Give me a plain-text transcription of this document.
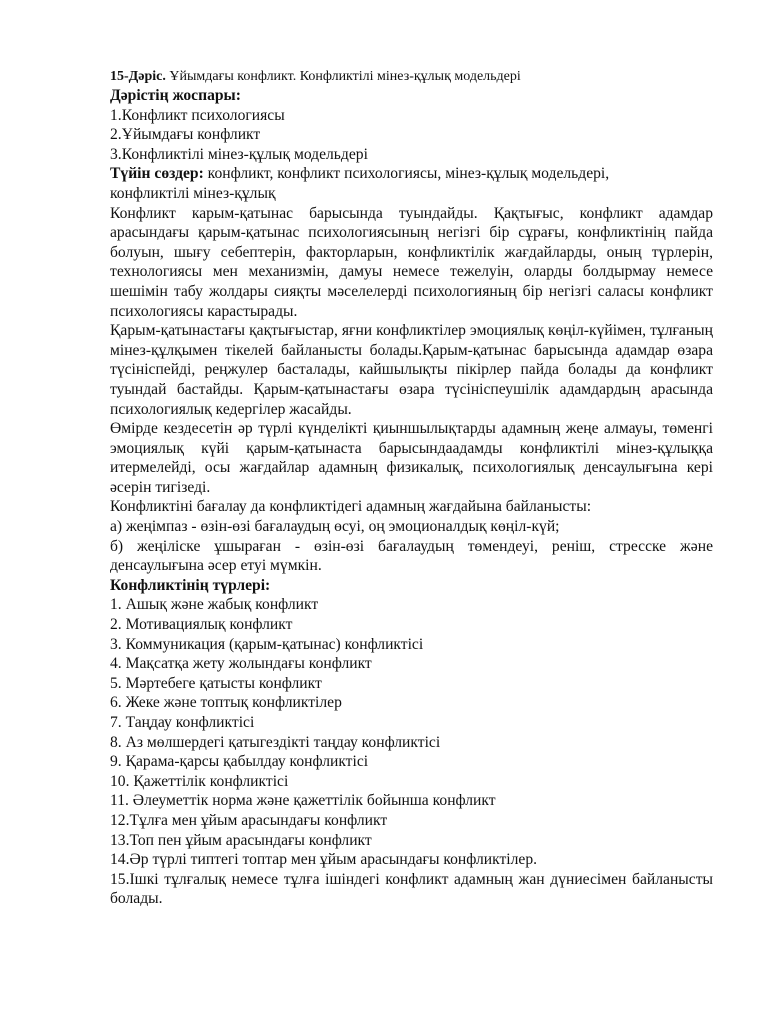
15-Дәріс. Ұйымдағы конфликт. Конфликтілі мінез-құлық модельдері

Дәрістің жоспары:
1.Конфликт психологиясы
2.Ұйымдағы конфликт
3.Конфликтілі мінез-құлық модельдері
Түйін сөздер: конфликт, конфликт психологиясы, мінез-құлық модельдері,
конфликтілі мінез-құлық

Конфликт карым-қатынас барысында туындайды. Қақтығыс, конфликт адамдар арасындағы қарым-қатынас психологиясының негізгі бір сұрағы, конфликтінің пайда болуын, шығу себептерін, факторларын, конфликтілік жағдайларды, оның түрлерін, технологиясы мен механизмін, дамуы немесе тежелуін, оларды болдырмау немесе шешімін табу жолдары сияқты мәселелерді психологияның бір негізгі саласы конфликт психологиясы карастырады.

Қарым-қатынастағы қақтығыстар, яғни конфликтілер эмоциялық көңіл-күйімен, тұлғаның мінез-құлқымен тікелей байланысты болады.Қарым-қатынас барысында адамдар өзара түсініспейді, реңжулер басталады, кайшылықты пікірлер пайда болады да конфликт туындай бастайды. Қарым-қатынастағы өзара түсініспеушілік адамдардың арасында психологиялық кедергілер жасайды.

Өмірде кездесетін әр түрлі күнделікті қиыншылықтарды адамның жеңе алмауы, төменгі эмоциялық күйі қарым-қатынаста барысындаадамды конфликтілі мінез-құлыққа итермелейді, осы жағдайлар адамның физикалық, психологиялық денсаулығына кері әсерін тигізеді.

Конфликтіні бағалау да конфликтідегі адамның жағдайына байланысты:
а) жеңімпаз - өзін-өзі бағалаудың өсуі, оң эмоционалдық көңіл-күй;

б) жеңіліске ұшыраған - өзін-өзі бағалаудың төмендеуі, реніш, стресске және денсаулығына әсер етуі мүмкін.

Конфликтінің түрлері:
1. Ашық және жабық конфликт
2. Мотивациялық конфликт
3. Коммуникация (қарым-қатынас) конфликтісі
4. Мақсатқа жету жолындағы конфликт
5. Мәртебеге қатысты конфликт
6. Жеке және топтық конфликтілер
7. Таңдау конфликтісі
8. Аз мөлшердегі қатыгездікті таңдау конфликтісі
9. Қарама-қарсы қабылдау конфликтісі
10. Қажеттілік конфликтісі
11. Әлеуметтік норма және қажеттілік бойынша конфликт
12.Тұлға мен ұйым арасындағы конфликт
13.Топ пен ұйым арасындағы конфликт
14.Әр түрлі типтегі топтар мен ұйым арасындағы конфликтілер.

15.Ішкі тұлғалық немесе тұлға ішіндегі конфликт адамның жан дүниесімен байланысты болады.
